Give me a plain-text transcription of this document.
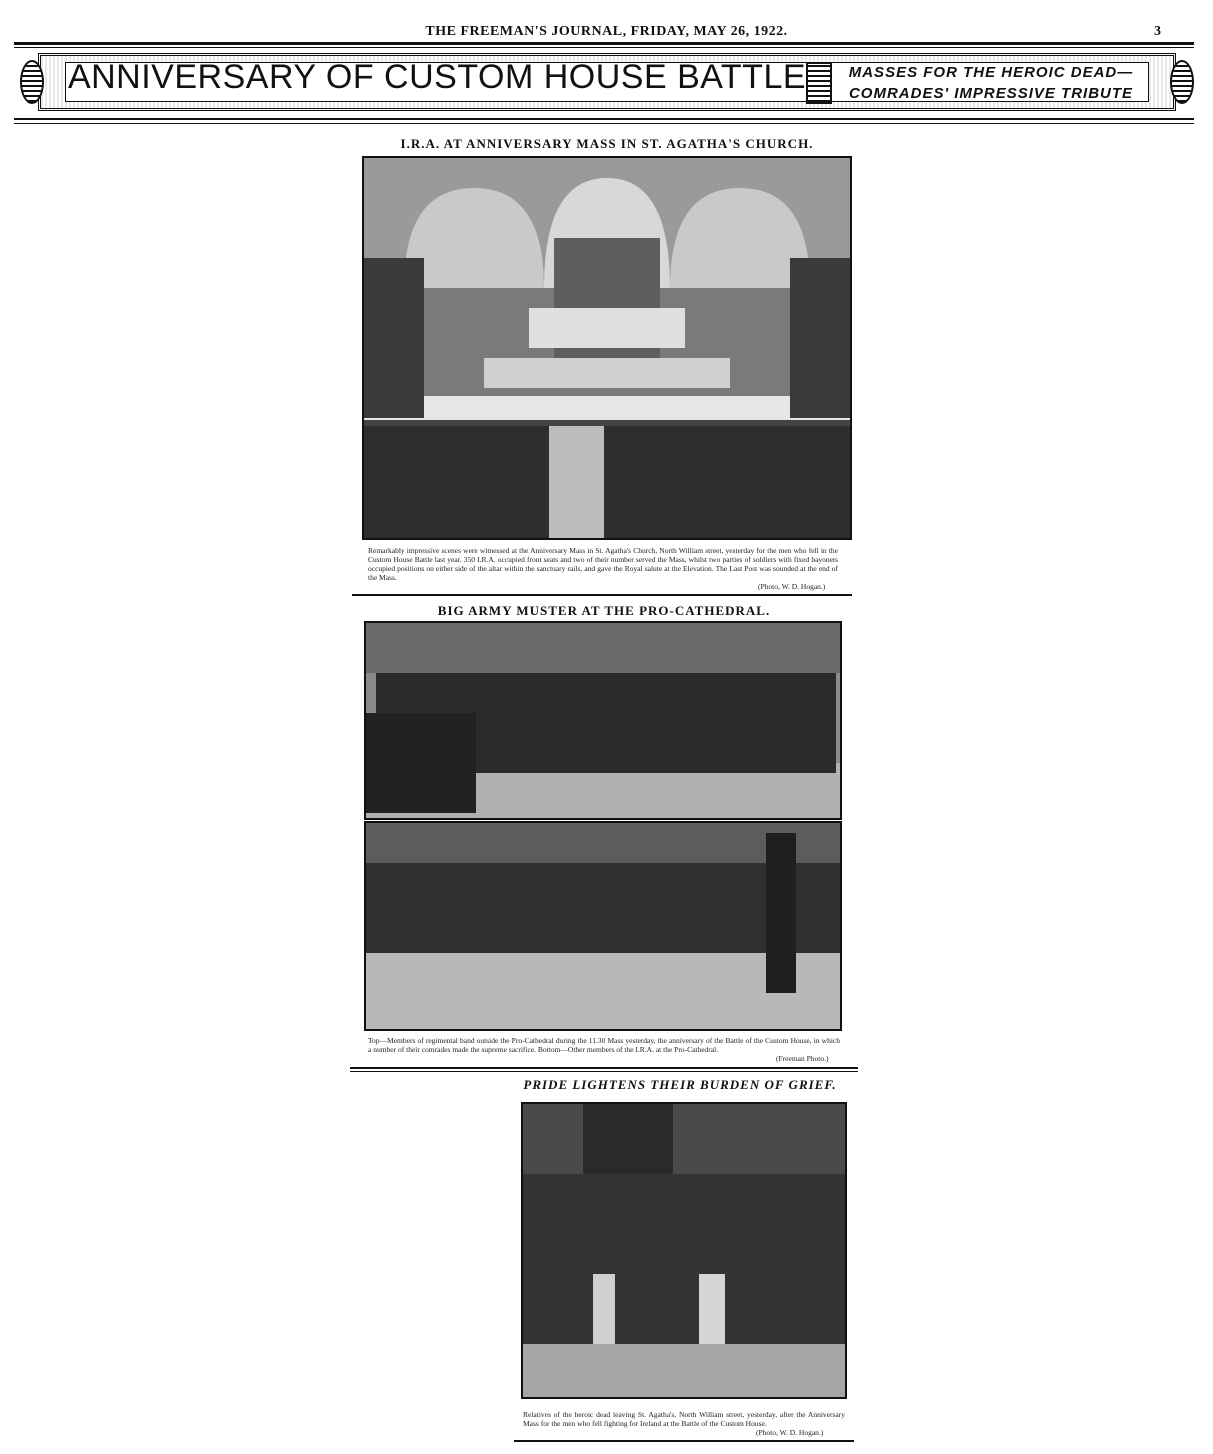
THE FREEMAN'S JOURNAL, FRIDAY, MAY 26, 1922.	3
ANNIVERSARY OF CUSTOM HOUSE BATTLE	MASSES FOR THE HEROIC DEAD—
COMRADES' IMPRESSIVE TRIBUTE
I.R.A. AT ANNIVERSARY MASS IN ST. AGATHA'S CHURCH.
Remarkably impressive scenes were witnessed at the Anniversary Mass in St. Agatha's Church, North William street, yesterday for the men who fell in the Custom House Battle last year. 350 I.R.A. occupied front seats and two of their number served the Mass, whilst two parties of soldiers with fixed bayonets occupied positions on either side of the altar within the sanctuary rails, and gave the Royal salute at the Elevation. The Last Post was sounded at the end of the Mass.
(Photo, W. D. Hogan.)
BIG ARMY MUSTER AT THE PRO-CATHEDRAL.
Top—Members of regimental band outside the Pro-Cathedral during the 11.30 Mass yesterday, the anniversary of the Battle of the Custom House, in which a number of their comrades made the supreme sacrifice. Bottom—Other members of the I.R.A. at the Pro-Cathedral.
(Freeman Photo.)
PRIDE LIGHTENS THEIR BURDEN OF GRIEF.
Relatives of the heroic dead leaving St. Agatha's, North William street, yesterday, after the Anniversary Mass for the men who fell fighting for Ireland at the Battle of the Custom House.
(Photo, W. D. Hogan.)
